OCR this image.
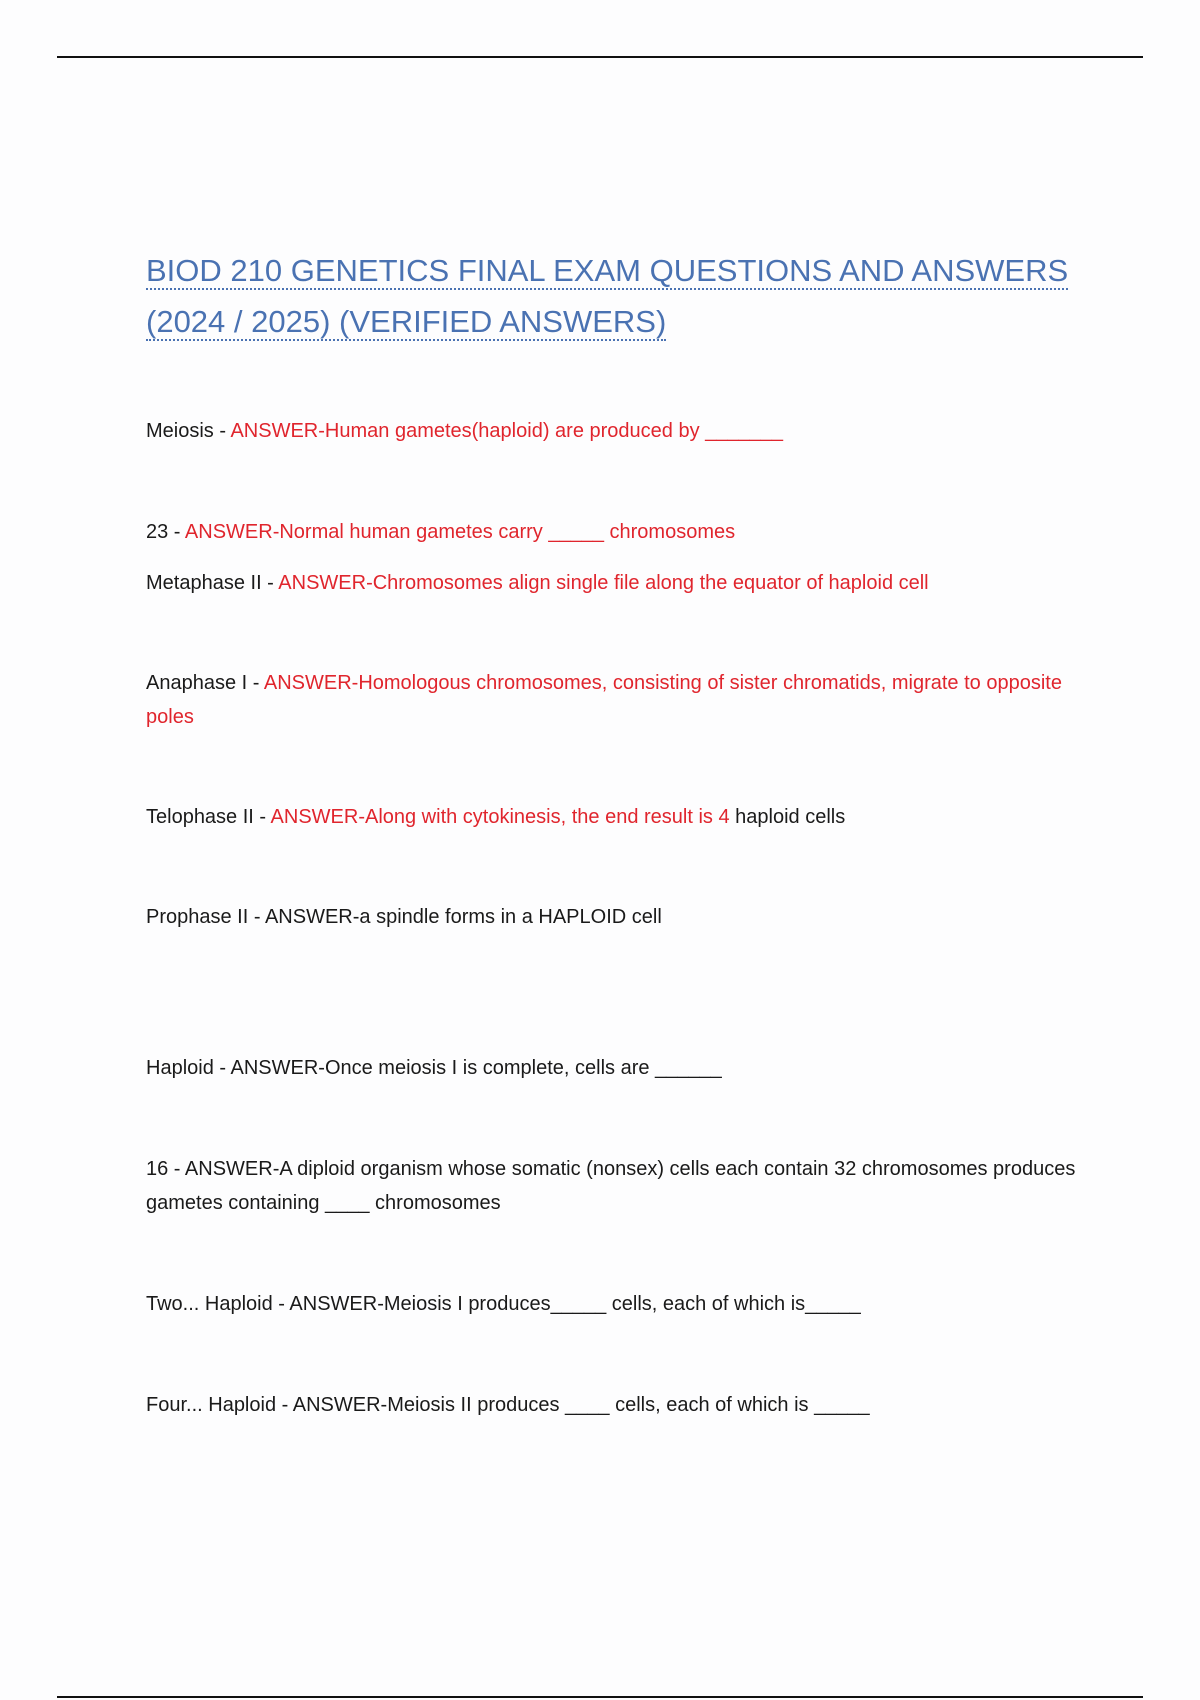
BIOD 210 GENETICS FINAL EXAM QUESTIONS AND ANSWERS
(2024 / 2025) (VERIFIED ANSWERS)

Meiosis - ANSWER-Human gametes(haploid) are produced by _______

23 - ANSWER-Normal human gametes carry _____ chromosomes

Metaphase II - ANSWER-Chromosomes align single file along the equator of haploid cell

Anaphase I - ANSWER-Homologous chromosomes, consisting of sister chromatids, migrate to opposite poles

Telophase II - ANSWER-Along with cytokinesis, the end result is 4 haploid cells

Prophase II - ANSWER-a spindle forms in a HAPLOID cell

Haploid - ANSWER-Once meiosis I is complete, cells are ______

16 - ANSWER-A diploid organism whose somatic (nonsex) cells each contain 32 chromosomes produces gametes containing ____ chromosomes

Two... Haploid - ANSWER-Meiosis I produces_____ cells, each of which is_____

Four... Haploid - ANSWER-Meiosis II produces ____ cells, each of which is _____
